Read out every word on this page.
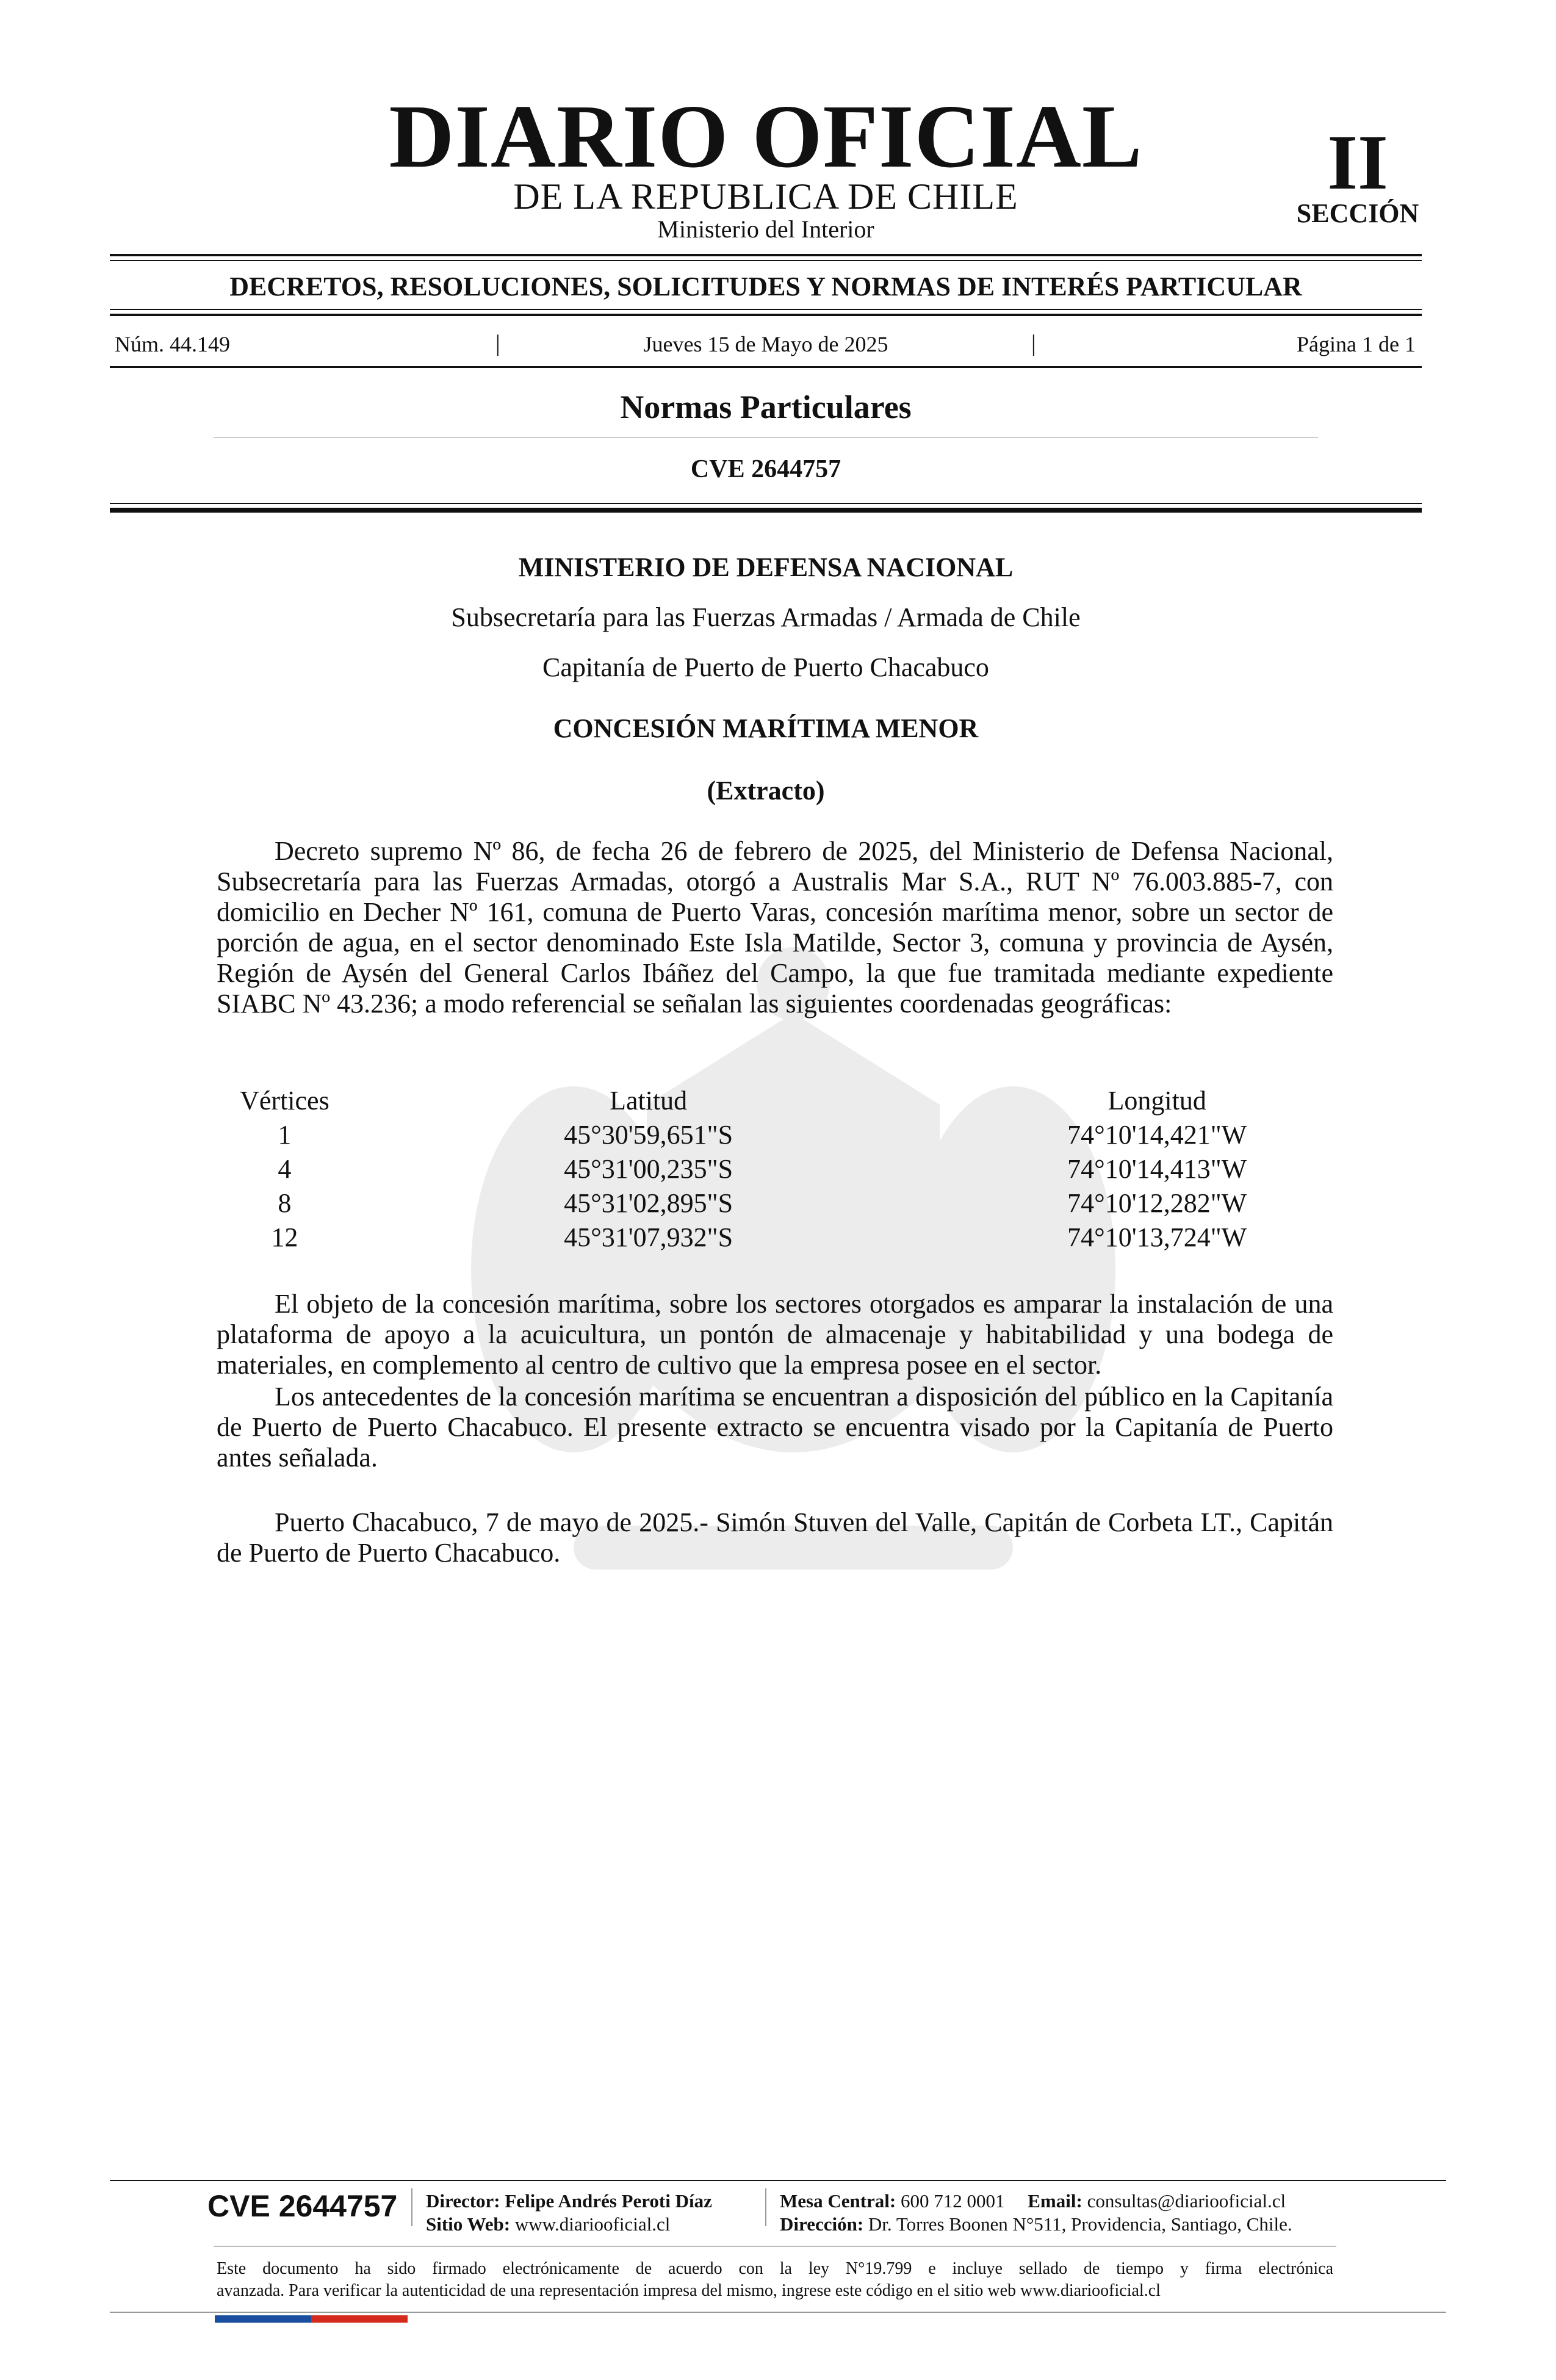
DIARIO OFICIAL
DE LA REPUBLICA DE CHILE
Ministerio del Interior
II
SECCIÓN
DECRETOS, RESOLUCIONES, SOLICITUDES Y NORMAS DE INTERÉS PARTICULAR
Núm. 44.149	|	Jueves 15 de Mayo de 2025	|	Página 1 de 1
Normas Particulares
CVE 2644757
MINISTERIO DE DEFENSA NACIONAL
Subsecretaría para las Fuerzas Armadas / Armada de Chile
Capitanía de Puerto de Puerto Chacabuco
CONCESIÓN MARÍTIMA MENOR
(Extracto)

Decreto supremo Nº 86, de fecha 26 de febrero de 2025, del Ministerio de Defensa Nacional, Subsecretaría para las Fuerzas Armadas, otorgó a Australis Mar S.A., RUT Nº 76.003.885-7, con domicilio en Decher Nº 161, comuna de Puerto Varas, concesión marítima menor, sobre un sector de porción de agua, en el sector denominado Este Isla Matilde, Sector 3, comuna y provincia de Aysén, Región de Aysén del General Carlos Ibáñez del Campo, la que fue tramitada mediante expediente SIABC Nº 43.236; a modo referencial se señalan las siguientes coordenadas geográficas:

Vértices	Latitud	Longitud
1	45°30'59,651"S	74°10'14,421"W
4	45°31'00,235"S	74°10'14,413"W
8	45°31'02,895"S	74°10'12,282"W
12	45°31'07,932"S	74°10'13,724"W

El objeto de la concesión marítima, sobre los sectores otorgados es amparar la instalación de una plataforma de apoyo a la acuicultura, un pontón de almacenaje y habitabilidad y una bodega de materiales, en complemento al centro de cultivo que la empresa posee en el sector.

Los antecedentes de la concesión marítima se encuentran a disposición del público en la Capitanía de Puerto de Puerto Chacabuco. El presente extracto se encuentra visado por la Capitanía de Puerto antes señalada.

Puerto Chacabuco, 7 de mayo de 2025.- Simón Stuven del Valle, Capitán de Corbeta LT., Capitán de Puerto de Puerto Chacabuco.

CVE 2644757 Director: Felipe Andrés Peroti Díaz
Sitio Web: www.diariooficial.cl
Mesa Central: 600 712 0001 Email: consultas@diariooficial.cl
Dirección: Dr. Torres Boonen N°511, Providencia, Santiago, Chile.
Este documento ha sido firmado electrónicamente de acuerdo con la ley N°19.799 e incluye sellado de tiempo y firma electrónica
avanzada. Para verificar la autenticidad de una representación impresa del mismo, ingrese este código en el sitio web www.diariooficial.cl
